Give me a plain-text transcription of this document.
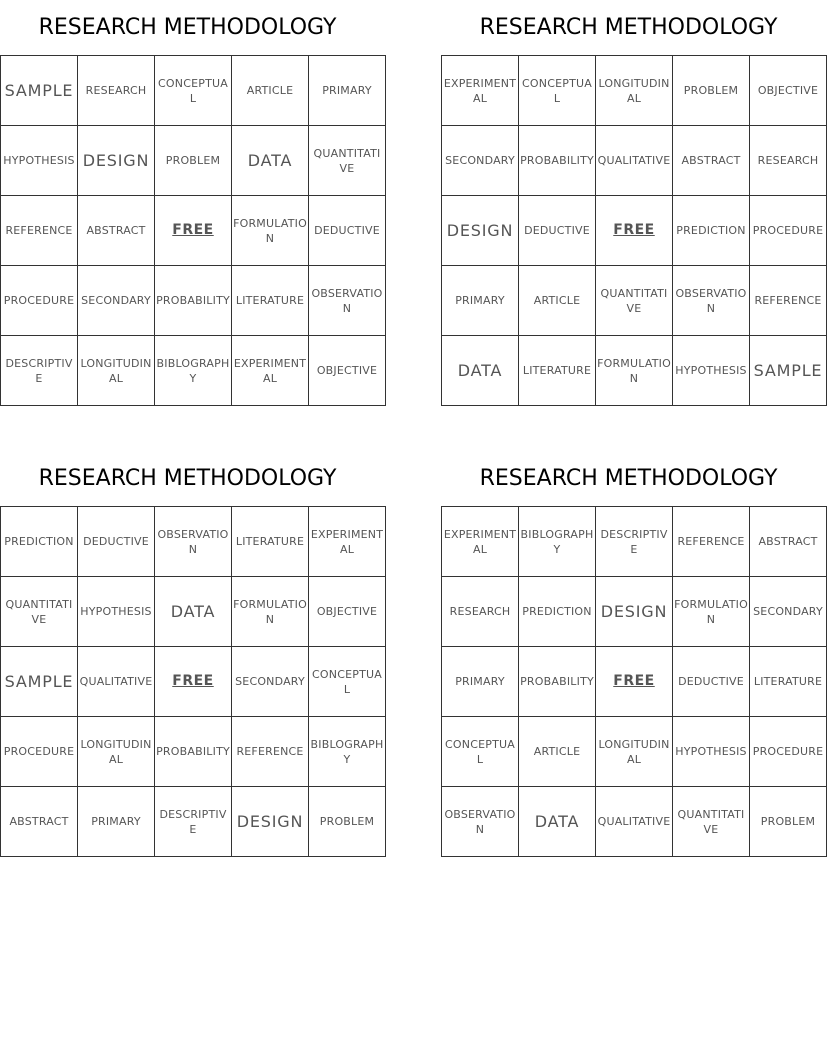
RESEARCH METHODOLOGY
SAMPLE	RESEARCH	CONCEPTUAL	ARTICLE	PRIMARY
HYPOTHESIS	DESIGN	PROBLEM	DATA	QUANTITATIVE
REFERENCE	ABSTRACT	FREE	FORMULATION	DEDUCTIVE
PROCEDURE	SECONDARY	PROBABILITY	LITERATURE	OBSERVATION
DESCRIPTIVE	LONGITUDINAL	BIBLOGRAPHY	EXPERIMENTAL	OBJECTIVE
RESEARCH METHODOLOGY
EXPERIMENTAL	CONCEPTUAL	LONGITUDINAL	PROBLEM	OBJECTIVE
SECONDARY	PROBABILITY	QUALITATIVE	ABSTRACT	RESEARCH
DESIGN	DEDUCTIVE	FREE	PREDICTION	PROCEDURE
PRIMARY	ARTICLE	QUANTITATIVE	OBSERVATION	REFERENCE
DATA	LITERATURE	FORMULATION	HYPOTHESIS	SAMPLE
RESEARCH METHODOLOGY
PREDICTION	DEDUCTIVE	OBSERVATION	LITERATURE	EXPERIMENTAL
QUANTITATIVE	HYPOTHESIS	DATA	FORMULATION	OBJECTIVE
SAMPLE	QUALITATIVE	FREE	SECONDARY	CONCEPTUAL
PROCEDURE	LONGITUDINAL	PROBABILITY	REFERENCE	BIBLOGRAPHY
ABSTRACT	PRIMARY	DESCRIPTIVE	DESIGN	PROBLEM
RESEARCH METHODOLOGY
EXPERIMENTAL	BIBLOGRAPHY	DESCRIPTIVE	REFERENCE	ABSTRACT
RESEARCH	PREDICTION	DESIGN	FORMULATION	SECONDARY
PRIMARY	PROBABILITY	FREE	DEDUCTIVE	LITERATURE
CONCEPTUAL	ARTICLE	LONGITUDINAL	HYPOTHESIS	PROCEDURE
OBSERVATION	DATA	QUALITATIVE	QUANTITATIVE	PROBLEM
